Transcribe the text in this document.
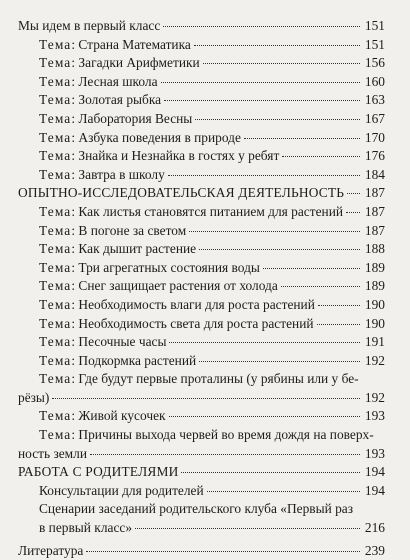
Мы идем в первый класс	151
Тема: Страна Математика	151
Тема: Загадки Арифметики	156
Тема: Лесная школа	160
Тема: Золотая рыбка	163
Тема: Лаборатория Весны	167
Тема: Азбука поведения в природе	170
Тема: Знайка и Незнайка в гостях у ребят	176
Тема: Завтра в школу	184
ОПЫТНО-ИССЛЕДОВАТЕЛЬСКАЯ ДЕЯТЕЛЬНОСТЬ 187
Тема: Как листья становятся питанием для растений 187
Тема: В погоне за светом	187
Тема: Как дышит растение	188
Тема: Три агрегатных состояния воды	189
Тема: Снег защищает растения от холода	189
Тема: Необходимость влаги для роста растений	190
Тема: Необходимость света для роста растений	190
Тема: Песочные часы	191
Тема: Подкормка растений	192
Тема: Где будут первые проталины (у рябины или у бе-
рёзы)	192
Тема: Живой кусочек	193
Тема: Причины выхода червей во время дождя на поверх-
ность земли	193
РАБОТА С РОДИТЕЛЯМИ	194
Консультации для родителей	194
Сценарии заседаний родительского клуба «Первый раз
в первый класс»	216
Литература	239
